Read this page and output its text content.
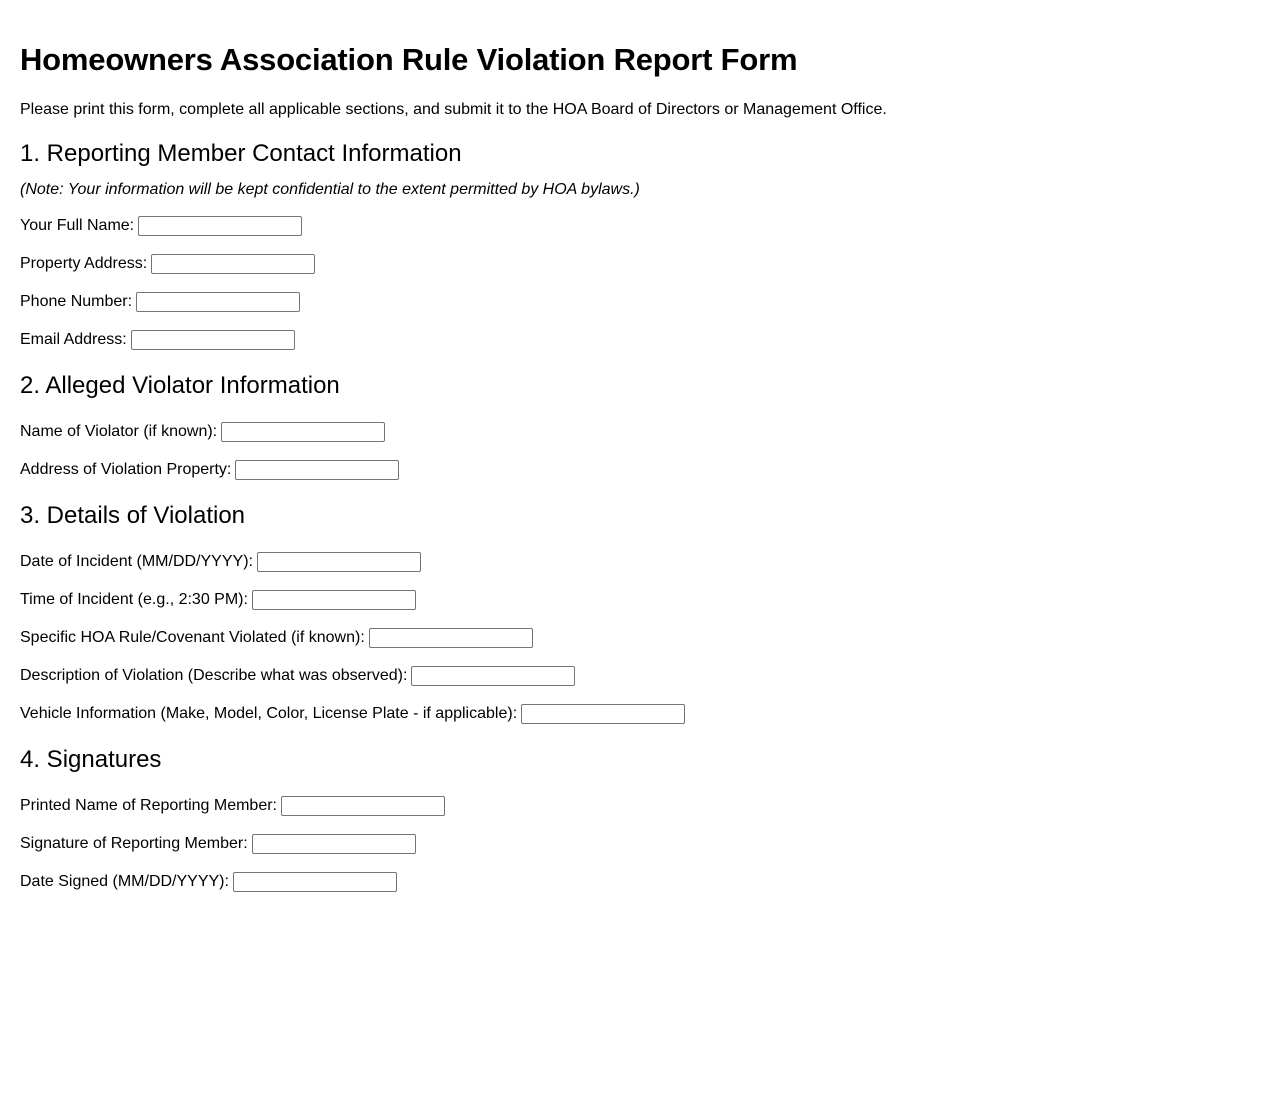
Homeowners Association Rule Violation Report Form

Please print this form, complete all applicable sections, and submit it to the HOA Board of Directors or Management Office.

1. Reporting Member Contact Information

(Note: Your information will be kept confidential to the extent permitted by HOA bylaws.)

Your Full Name:
Property Address:
Phone Number:
Email Address:
2. Alleged Violator Information
Name of Violator (if known):
Address of Violation Property:
3. Details of Violation
Date of Incident (MM/DD/YYYY):
Time of Incident (e.g., 2:30 PM):
Specific HOA Rule/Covenant Violated (if known):
Description of Violation (Describe what was observed):
Vehicle Information (Make, Model, Color, License Plate - if applicable):
4. Signatures
Printed Name of Reporting Member:
Signature of Reporting Member:
Date Signed (MM/DD/YYYY):
